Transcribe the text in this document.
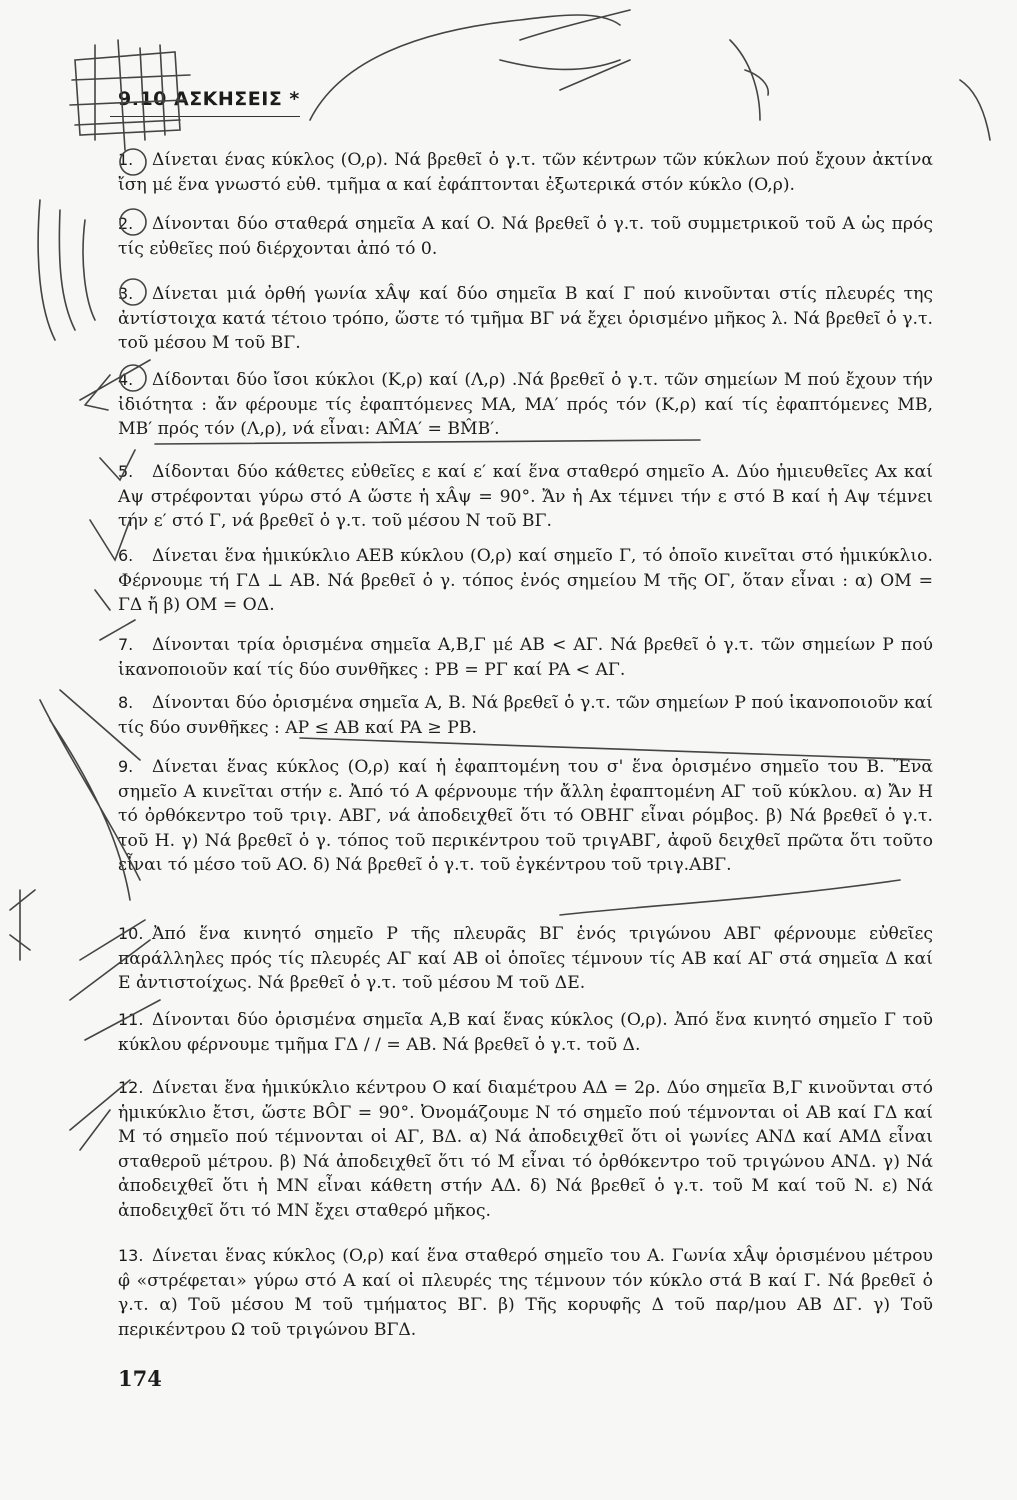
9.10 ΑΣΚΗΣΕΙΣ *
1. Δίνεται ένας κύκλος (O,ρ). Νά βρεθεῖ ὁ γ.τ. τῶν κέντρων τῶν κύκλων πού ἔχουν ἀκτίνα ἴση μέ ἕνα γνωστό εὐθ. τμῆμα α καί ἐφάπτονται ἐξωτερικά στόν κύκλο (O,ρ).
2. Δίνονται δύο σταθερά σημεῖα A καί O. Νά βρεθεῖ ὁ γ.τ. τοῦ συμμετρικοῦ τοῦ A ὡς πρός τίς εὐθεῖες πού διέρχονται ἀπό τό 0.
3. Δίνεται μιά ὀρθή γωνία xÂψ καί δύο σημεῖα B καί Γ πού κινοῦνται στίς πλευρές της ἀντίστοιχα κατά τέτοιο τρόπο, ὥστε τό τμῆμα BΓ νά ἔχει ὁρισμένο μῆκος λ. Νά βρεθεῖ ὁ γ.τ. τοῦ μέσου M τοῦ BΓ.
4. Δίδονται δύο ἴσοι κύκλοι (K,ρ) καί (Λ,ρ) .Νά βρεθεῖ ὁ γ.τ. τῶν σημείων M πού ἔχουν τήν ἰδιότητα : ἄν φέρουμε τίς ἐφαπτόμενες MA, MA′ πρός τόν (K,ρ) καί τίς ἐφαπτόμενες MB, MB′ πρός τόν (Λ,ρ), νά εἶναι: AM̂A′ = BM̂B′.
5. Δίδονται δύο κάθετες εὐθεῖες ε καί ε′ καί ἕνα σταθερό σημεῖο A. Δύο ἡμιευθεῖες Ax καί Aψ στρέφονται γύρω στό A ὥστε ἡ xÂψ = 90°. Ἄν ἡ Ax τέμνει τήν ε στό B καί ἡ Aψ τέμνει τήν ε′ στό Γ, νά βρεθεῖ ὁ γ.τ. τοῦ μέσου N τοῦ BΓ.
6. Δίνεται ἕνα ἡμικύκλιο AEB κύκλου (O,ρ) καί σημεῖο Γ, τό ὁποῖο κινεῖται στό ἡμικύκλιο. Φέρνουμε τή ΓΔ ⊥ AB. Νά βρεθεῖ ὁ γ. τόπος ἑνός σημείου M τῆς OΓ, ὅταν εἶναι : α) OM = ΓΔ ἤ β) OM = OΔ.
7. Δίνονται τρία ὁρισμένα σημεῖα A,B,Γ μέ AB < AΓ. Νά βρεθεῖ ὁ γ.τ. τῶν σημείων P πού ἱκανοποιοῦν καί τίς δύο συνθῆκες : PB = PΓ καί PA < AΓ.
8. Δίνονται δύο ὁρισμένα σημεῖα A, B. Νά βρεθεῖ ὁ γ.τ. τῶν σημείων P πού ἱκανοποιοῦν καί τίς δύο συνθῆκες : AP ≤ AB καί PA ≥ PB.
9. Δίνεται ἕνας κύκλος (O,ρ) καί ἡ ἐφαπτομένη του σ' ἕνα ὁρισμένο σημεῖο του B. Ἕνα σημεῖο A κινεῖται στήν ε. Ἀπό τό A φέρνουμε τήν ἄλλη ἐφαπτομένη AΓ τοῦ κύκλου. α) Ἄν H τό ὀρθόκεντρο τοῦ τριγ. ABΓ, νά ἀποδειχθεῖ ὅτι τό OBHΓ εἶναι ρόμβος. β) Νά βρεθεῖ ὁ γ.τ. τοῦ H. γ) Νά βρεθεῖ ὁ γ. τόπος τοῦ περικέντρου τοῦ τριγABΓ, ἀφοῦ δειχθεῖ πρῶτα ὅτι τοῦτο εἶναι τό μέσο τοῦ AO. δ) Νά βρεθεῖ ὁ γ.τ. τοῦ ἐγκέντρου τοῦ τριγ.ABΓ.
10. Ἀπό ἕνα κινητό σημεῖο P τῆς πλευρᾶς BΓ ἑνός τριγώνου ABΓ φέρνουμε εὐθεῖες παράλληλες πρός τίς πλευρές AΓ καί AB οἱ ὁποῖες τέμνουν τίς AB καί AΓ στά σημεῖα Δ καί E ἀντιστοίχως. Νά βρεθεῖ ὁ γ.τ. τοῦ μέσου M τοῦ ΔE.
11. Δίνονται δύο ὁρισμένα σημεῖα A,B καί ἕνας κύκλος (O,ρ). Ἀπό ἕνα κινητό σημεῖο Γ τοῦ κύκλου φέρνουμε τμῆμα ΓΔ / / = AB. Νά βρεθεῖ ὁ γ.τ. τοῦ Δ.
12. Δίνεται ἕνα ἡμικύκλιο κέντρου O καί διαμέτρου AΔ = 2ρ. Δύο σημεῖα B,Γ κινοῦνται στό ἡμικύκλιο ἔτσι, ὥστε BÔΓ = 90°. Ὀνομάζουμε N τό σημεῖο πού τέμνονται οἱ AB καί ΓΔ καί M τό σημεῖο πού τέμνονται οἱ AΓ, BΔ. α) Νά ἀποδειχθεῖ ὅτι οἱ γωνίες ANΔ καί AMΔ εἶναι σταθεροῦ μέτρου. β) Νά ἀποδειχθεῖ ὅτι τό M εἶναι τό ὀρθόκεντρο τοῦ τριγώνου ANΔ. γ) Νά ἀποδειχθεῖ ὅτι ἡ MN εἶναι κάθετη στήν AΔ. δ) Νά βρεθεῖ ὁ γ.τ. τοῦ M καί τοῦ N. ε) Νά ἀποδειχθεῖ ὅτι τό MN ἔχει σταθερό μῆκος.
13. Δίνεται ἕνας κύκλος (O,ρ) καί ἕνα σταθερό σημεῖο του A. Γωνία xÂψ ὁρισμένου μέτρου φ̂ «στρέφεται» γύρω στό A καί οἱ πλευρές της τέμνουν τόν κύκλο στά B καί Γ. Νά βρεθεῖ ὁ γ.τ. α) Τοῦ μέσου M τοῦ τμήματος BΓ. β) Τῆς κορυφῆς Δ τοῦ παρ/μου AB ΔΓ. γ) Τοῦ περικέντρου Ω τοῦ τριγώνου BΓΔ.
174
